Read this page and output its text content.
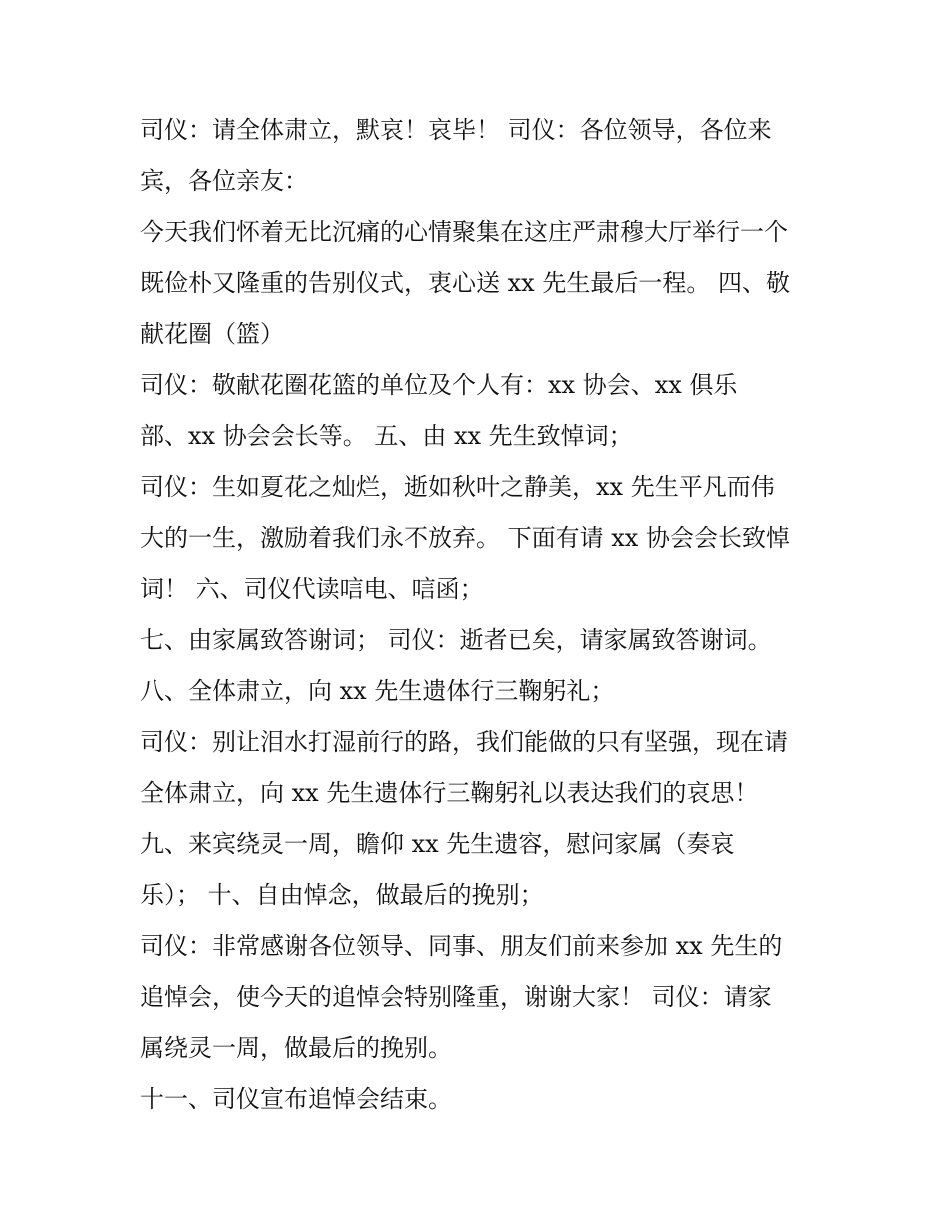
司仪：请全体肃立，默哀！哀毕！ 司仪：各位领导，各位来
宾，各位亲友：
今天我们怀着无比沉痛的心情聚集在这庄严肃穆大厅举行一个
既俭朴又隆重的告别仪式，衷心送 xx 先生最后一程。 四、敬
献花圈（篮）
司仪：敬献花圈花篮的单位及个人有：xx 协会、xx 俱乐
部、xx 协会会长等。 五、由 xx 先生致悼词；
司仪：生如夏花之灿烂，逝如秋叶之静美，xx 先生平凡而伟
大的一生，激励着我们永不放弃。 下面有请 xx 协会会长致悼
词！ 六、司仪代读唁电、唁函；
七、由家属致答谢词； 司仪：逝者已矣，请家属致答谢词。
八、全体肃立，向 xx 先生遗体行三鞠躬礼；
司仪：别让泪水打湿前行的路，我们能做的只有坚强，现在请
全体肃立，向 xx 先生遗体行三鞠躬礼以表达我们的哀思！
九、来宾绕灵一周，瞻仰 xx 先生遗容，慰问家属（奏哀
乐）； 十、自由悼念，做最后的挽别；
司仪：非常感谢各位领导、同事、朋友们前来参加 xx 先生的
追悼会，使今天的追悼会特别隆重，谢谢大家！ 司仪：请家
属绕灵一周，做最后的挽别。
十一、司仪宣布追悼会结束。
